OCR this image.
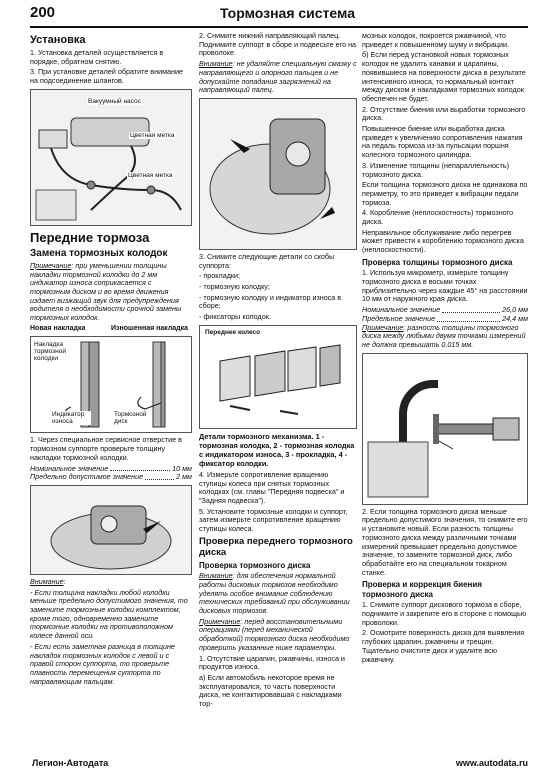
200	Тормозная система
Установка

1. Установка деталей осуществляется в порядке, обратном снятию.

3. При установке деталей обратите внимание на подсоединение шлангов.

Вакуумный насос
Цветная метка
Цветная метка
Передние тормоза
Замена тормозных колодок

Примечание: при уменьшении толщины накладки тормозной колодки до 2 мм индикатор износа соприкасается с тормозным диском и во время движения издает визжащий звук для предупреждения водителя о необходимости срочной замены тормозных колодок.

Новая накладка	Изношенная накладка
Накладка тормозной колодки
Индикатор износа
Тормозной диск

1. Через специальное сервисное отверстие в тормозном суппорте проверьте толщину накладки тормозной колодки.

Номинальное значение	10 мм
Предельно допустимое значение	2 мм

Внимание:

- Если толщина накладки любой колодки меньше предельно допустимого значения, то замените тормозные колодки комплектом, кроме того, одновременно замените тормозные колодки на противоположном колесе данной оси.

- Если есть заметная разница в толщине накладок тормозных колодок с левой и с правой сторон суппорта, то проверьте плавность перемещения суппорта по направляющим пальцам.

2. Снимите нижний направляющий палец. Поднимите суппорт в сборе и подвесьте его на проволоке.

Внимание: не удаляйте специальную смазку с направляющего и опорного пальцев и не допускайте попадания загрязнений на направляющий палец.

3. Снимите следующие детали со скобы суппорта:

- прокладки;

- тормозную колодку;

- тормозную колодку и индикатор износа в сборе;

- фиксаторы колодок.

Переднее колесо
Детали тормозного механизма. 1 - тормозная колодка, 2 - тормозная колодка с индикатором износа, 3 - прокладка, 4 - фиксатор колодки.

4. Измерьте сопротивление вращению ступицы колеса при снятых тормозных колодках (см. главы "Передняя подвеска" и "Задняя подвеска").

5. Установите тормозные колодки и суппорт, затем измерьте сопротивление вращению ступицы колеса.

Проверка переднего тормозного диска
Проверка тормозного диска

Внимание: для обеспечения нормальной работы дисковых тормозов необходимо уделять особое внимание соблюдению технических требований при обслуживании дисковых тормозов.

Примечание: перед восстановительными операциями (перед механической обработкой) тормозного диска необходимо проверить указанные ниже параметры.

1. Отсутствие царапин, ржавчины, износа и продуктов износа.

а) Если автомобиль некоторое время не эксплуатировался, то часть поверхности диска, не контактировавшая с накладками тор-

мозных колодок, покроется ржавчиной, что приведет к повышенному шуму и вибрации.

б) Если перед установкой новых тормозных колодок не удалить канавки и царапины, появившиеся на поверхности диска в результате интенсивного износа, то нормальный контакт между диском и накладками тормозных колодок обеспечен не будет.

2. Отсутствие биения или выработки тормозного диска.

Повышенное биение или выработка диска приведет к увеличению сопротивления нажатия на педаль тормоза из-за пульсации поршня колесного тормозного цилиндра.

3. Изменение толщины (непараллельность) тормозного диска.

Если толщина тормозного диска не одинакова по периметру, то это приведет к вибрации педали тормоза.

4. Коробление (неплоскостность) тормозного диска.

Неправильное обслуживание либо перегрев может привести к короблению тормозного диска (неплоскостности).

Проверка толщины тормозного диска

1. Используя микрометр, измерьте толщину тормозного диска в восьми точках приблизительно через каждые 45° на расстоянии 10 мм от наружного края диска.

Номинальное значение	26,0 мм
Предельное значение	24,4 мм

Примечание: разность толщины тормозного диска между любыми двумя точками измерений не должна превышать 0,015 мм.

2. Если толщина тормозного диска меньше предельно допустимого значения, то снимите его и установите новый. Если разность толщины тормозного диска между различными точками измерений превышает предельно допустимое значение, то замените тормозной диск, либо обработайте его на специальном токарном станке.

Проверка и коррекция биения тормозного диска

1. Снимите суппорт дискового тормоза в сборе, поднимите и закрепите его в стороне с помощью проволоки.

2. Осмотрите поверхность диска для выявления глубоких царапин, ржавчины и трещин. Тщательно очистите диск и удалите всю ржавчину.

Легион-Автодата	www.autodata.ru
